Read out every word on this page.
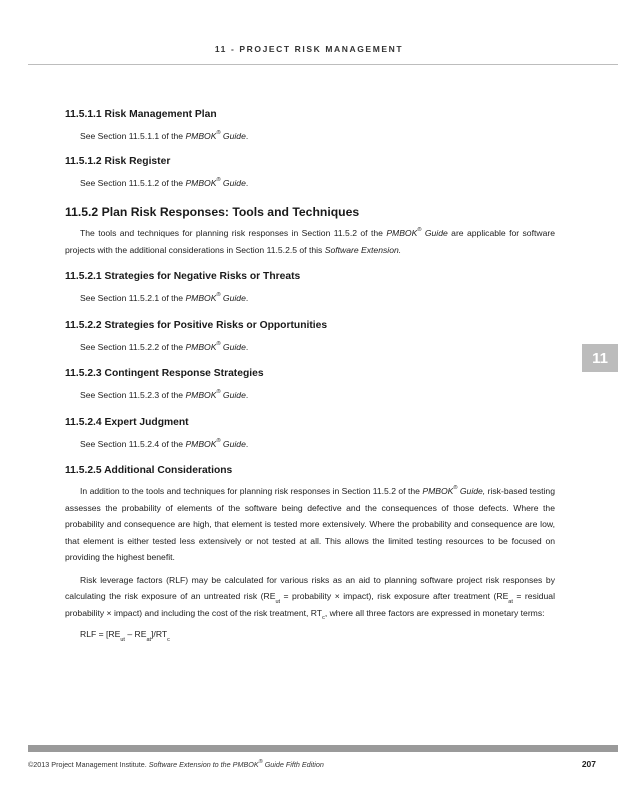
11 - PROJECT RISK MANAGEMENT
11
11.5.1.1 Risk Management Plan

See Section 11.5.1.1 of the PMBOK® Guide.

11.5.1.2 Risk Register

See Section 11.5.1.2 of the PMBOK® Guide.

11.5.2 Plan Risk Responses: Tools and Techniques

The tools and techniques for planning risk responses in Section 11.5.2 of the PMBOK® Guide are applicable for software projects with the additional considerations in Section 11.5.2.5 of this Software Extension.

11.5.2.1 Strategies for Negative Risks or Threats

See Section 11.5.2.1 of the PMBOK® Guide.

11.5.2.2 Strategies for Positive Risks or Opportunities

See Section 11.5.2.2 of the PMBOK® Guide.

11.5.2.3 Contingent Response Strategies

See Section 11.5.2.3 of the PMBOK® Guide.

11.5.2.4 Expert Judgment

See Section 11.5.2.4 of the PMBOK® Guide.

11.5.2.5 Additional Considerations

In addition to the tools and techniques for planning risk responses in Section 11.5.2 of the PMBOK® Guide, risk-based testing assesses the probability of elements of the software being defective and the consequences of those defects. Where the probability and consequence are high, that element is tested more extensively. Where the probability and consequence are low, that element is either tested less extensively or not tested at all. This allows the limited testing resources to be focused on providing the highest benefit.

Risk leverage factors (RLF) may be calculated for various risks as an aid to planning software project risk responses by calculating the risk exposure of an untreated risk ($RE_{ut}$ = probability × impact), risk exposure after treatment ($RE_{at}$ = residual probability × impact) and including the cost of the risk treatment, $RT_c$, where all three factors are expressed in monetary terms:

RLF = $[RE_{ut} - RE_{at}]/RT_c$

©2013 Project Management Institute. Software Extension to the PMBOK® Guide Fifth Edition	207
